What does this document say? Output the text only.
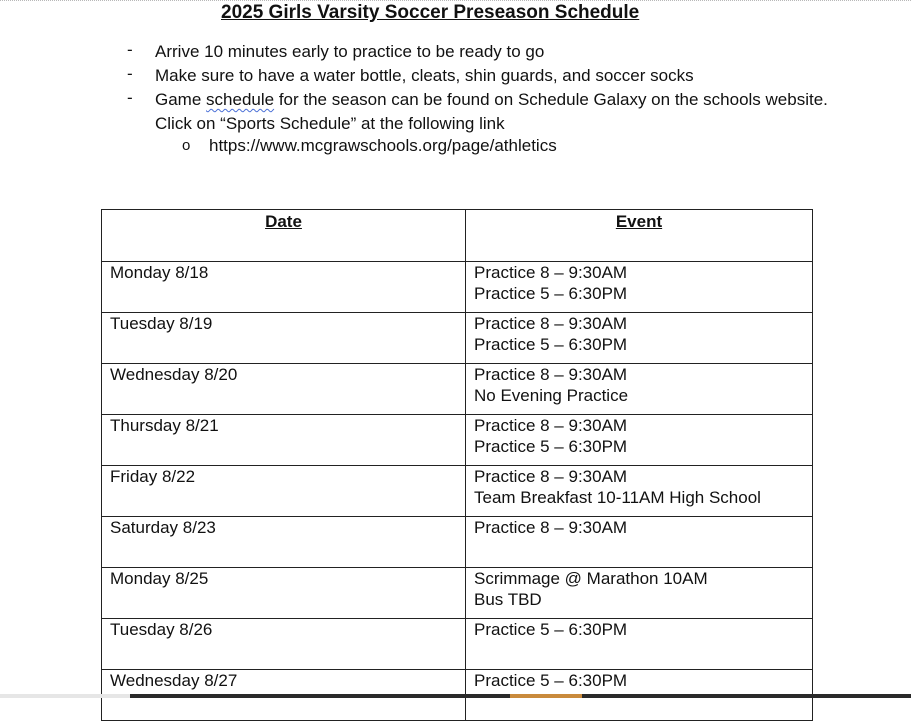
2025 Girls Varsity Soccer Preseason Schedule
- Arrive 10 minutes early to practice to be ready to go
- Make sure to have a water bottle, cleats, shin guards, and soccer socks
- Game schedule for the season can be found on Schedule Galaxy on the schools website. Click on “Sports Schedule” at the following link
o https://www.mcgrawschools.org/page/athletics
Date	Event

Monday 8/18	Practice 8 – 9:30AM
Practice 5 – 6:30PM

Tuesday 8/19	Practice 8 – 9:30AM
Practice 5 – 6:30PM

Wednesday 8/20	Practice 8 – 9:30AM
No Evening Practice

Thursday 8/21	Practice 8 – 9:30AM
Practice 5 – 6:30PM

Friday 8/22	Practice 8 – 9:30AM
Team Breakfast 10-11AM High School

Saturday 8/23	Practice 8 – 9:30AM

Monday 8/25	Scrimmage @ Marathon 10AM
Bus TBD

Tuesday 8/26	Practice 5 – 6:30PM

Wednesday 8/27	Practice 5 – 6:30PM
